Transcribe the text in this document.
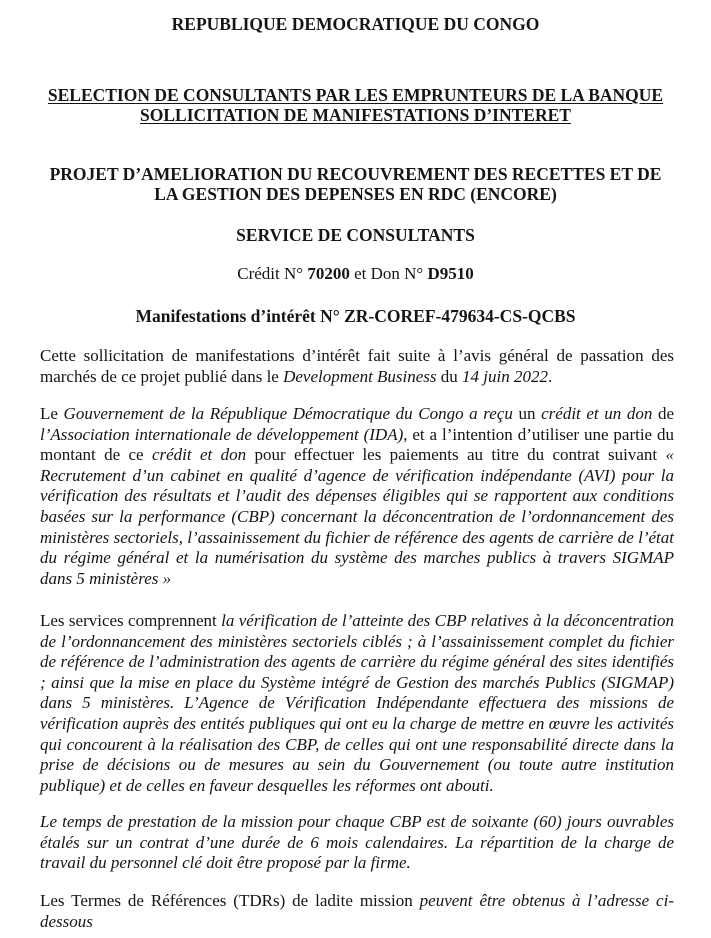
REPUBLIQUE DEMOCRATIQUE DU CONGO
SELECTION DE CONSULTANTS PAR LES EMPRUNTEURS DE LA BANQUE
SOLLICITATION DE MANIFESTATIONS D’INTERET
PROJET D’AMELIORATION DU RECOUVREMENT DES RECETTES ET DE
LA GESTION DES DEPENSES EN RDC (ENCORE)
SERVICE DE CONSULTANTS
Crédit N° 70200 et Don N° D9510
Manifestations d’intérêt N° ZR-COREF-479634-CS-QCBS
Cette sollicitation de manifestations d’intérêt fait suite à l’avis général de passation des marchés de ce projet publié dans le Development Business du 14 juin 2022.
Le Gouvernement de la République Démocratique du Congo a reçu un crédit et un don de l’Association internationale de développement (IDA), et a l’intention d’utiliser une partie du montant de ce crédit et don pour effectuer les paiements au titre du contrat suivant « Recrutement d’un cabinet en qualité d’agence de vérification indépendante (AVI) pour la vérification des résultats et l’audit des dépenses éligibles qui se rapportent aux conditions basées sur la performance (CBP) concernant la déconcentration de l’ordonnancement des ministères sectoriels, l’assainissement du fichier de référence des agents de carrière de l’état du régime général et la numérisation du système des marches publics à travers SIGMAP dans 5 ministères »
Les services comprennent la vérification de l’atteinte des CBP relatives à la déconcentration de l’ordonnancement des ministères sectoriels ciblés ; à l’assainissement complet du fichier de référence de l’administration des agents de carrière du régime général des sites identifiés ; ainsi que la mise en place du Système intégré de Gestion des marchés Publics (SIGMAP) dans 5 ministères. L’Agence de Vérification Indépendante effectuera des missions de vérification auprès des entités publiques qui ont eu la charge de mettre en œuvre les activités qui concourent à la réalisation des CBP, de celles qui ont une responsabilité directe dans la prise de décisions ou de mesures au sein du Gouvernement (ou toute autre institution publique) et de celles en faveur desquelles les réformes ont abouti.
Le temps de prestation de la mission pour chaque CBP est de soixante (60) jours ouvrables étalés sur un contrat d’une durée de 6 mois calendaires. La répartition de la charge de travail du personnel clé doit être proposé par la firme.
Les Termes de Références (TDRs) de ladite mission peuvent être obtenus à l’adresse ci-dessous
